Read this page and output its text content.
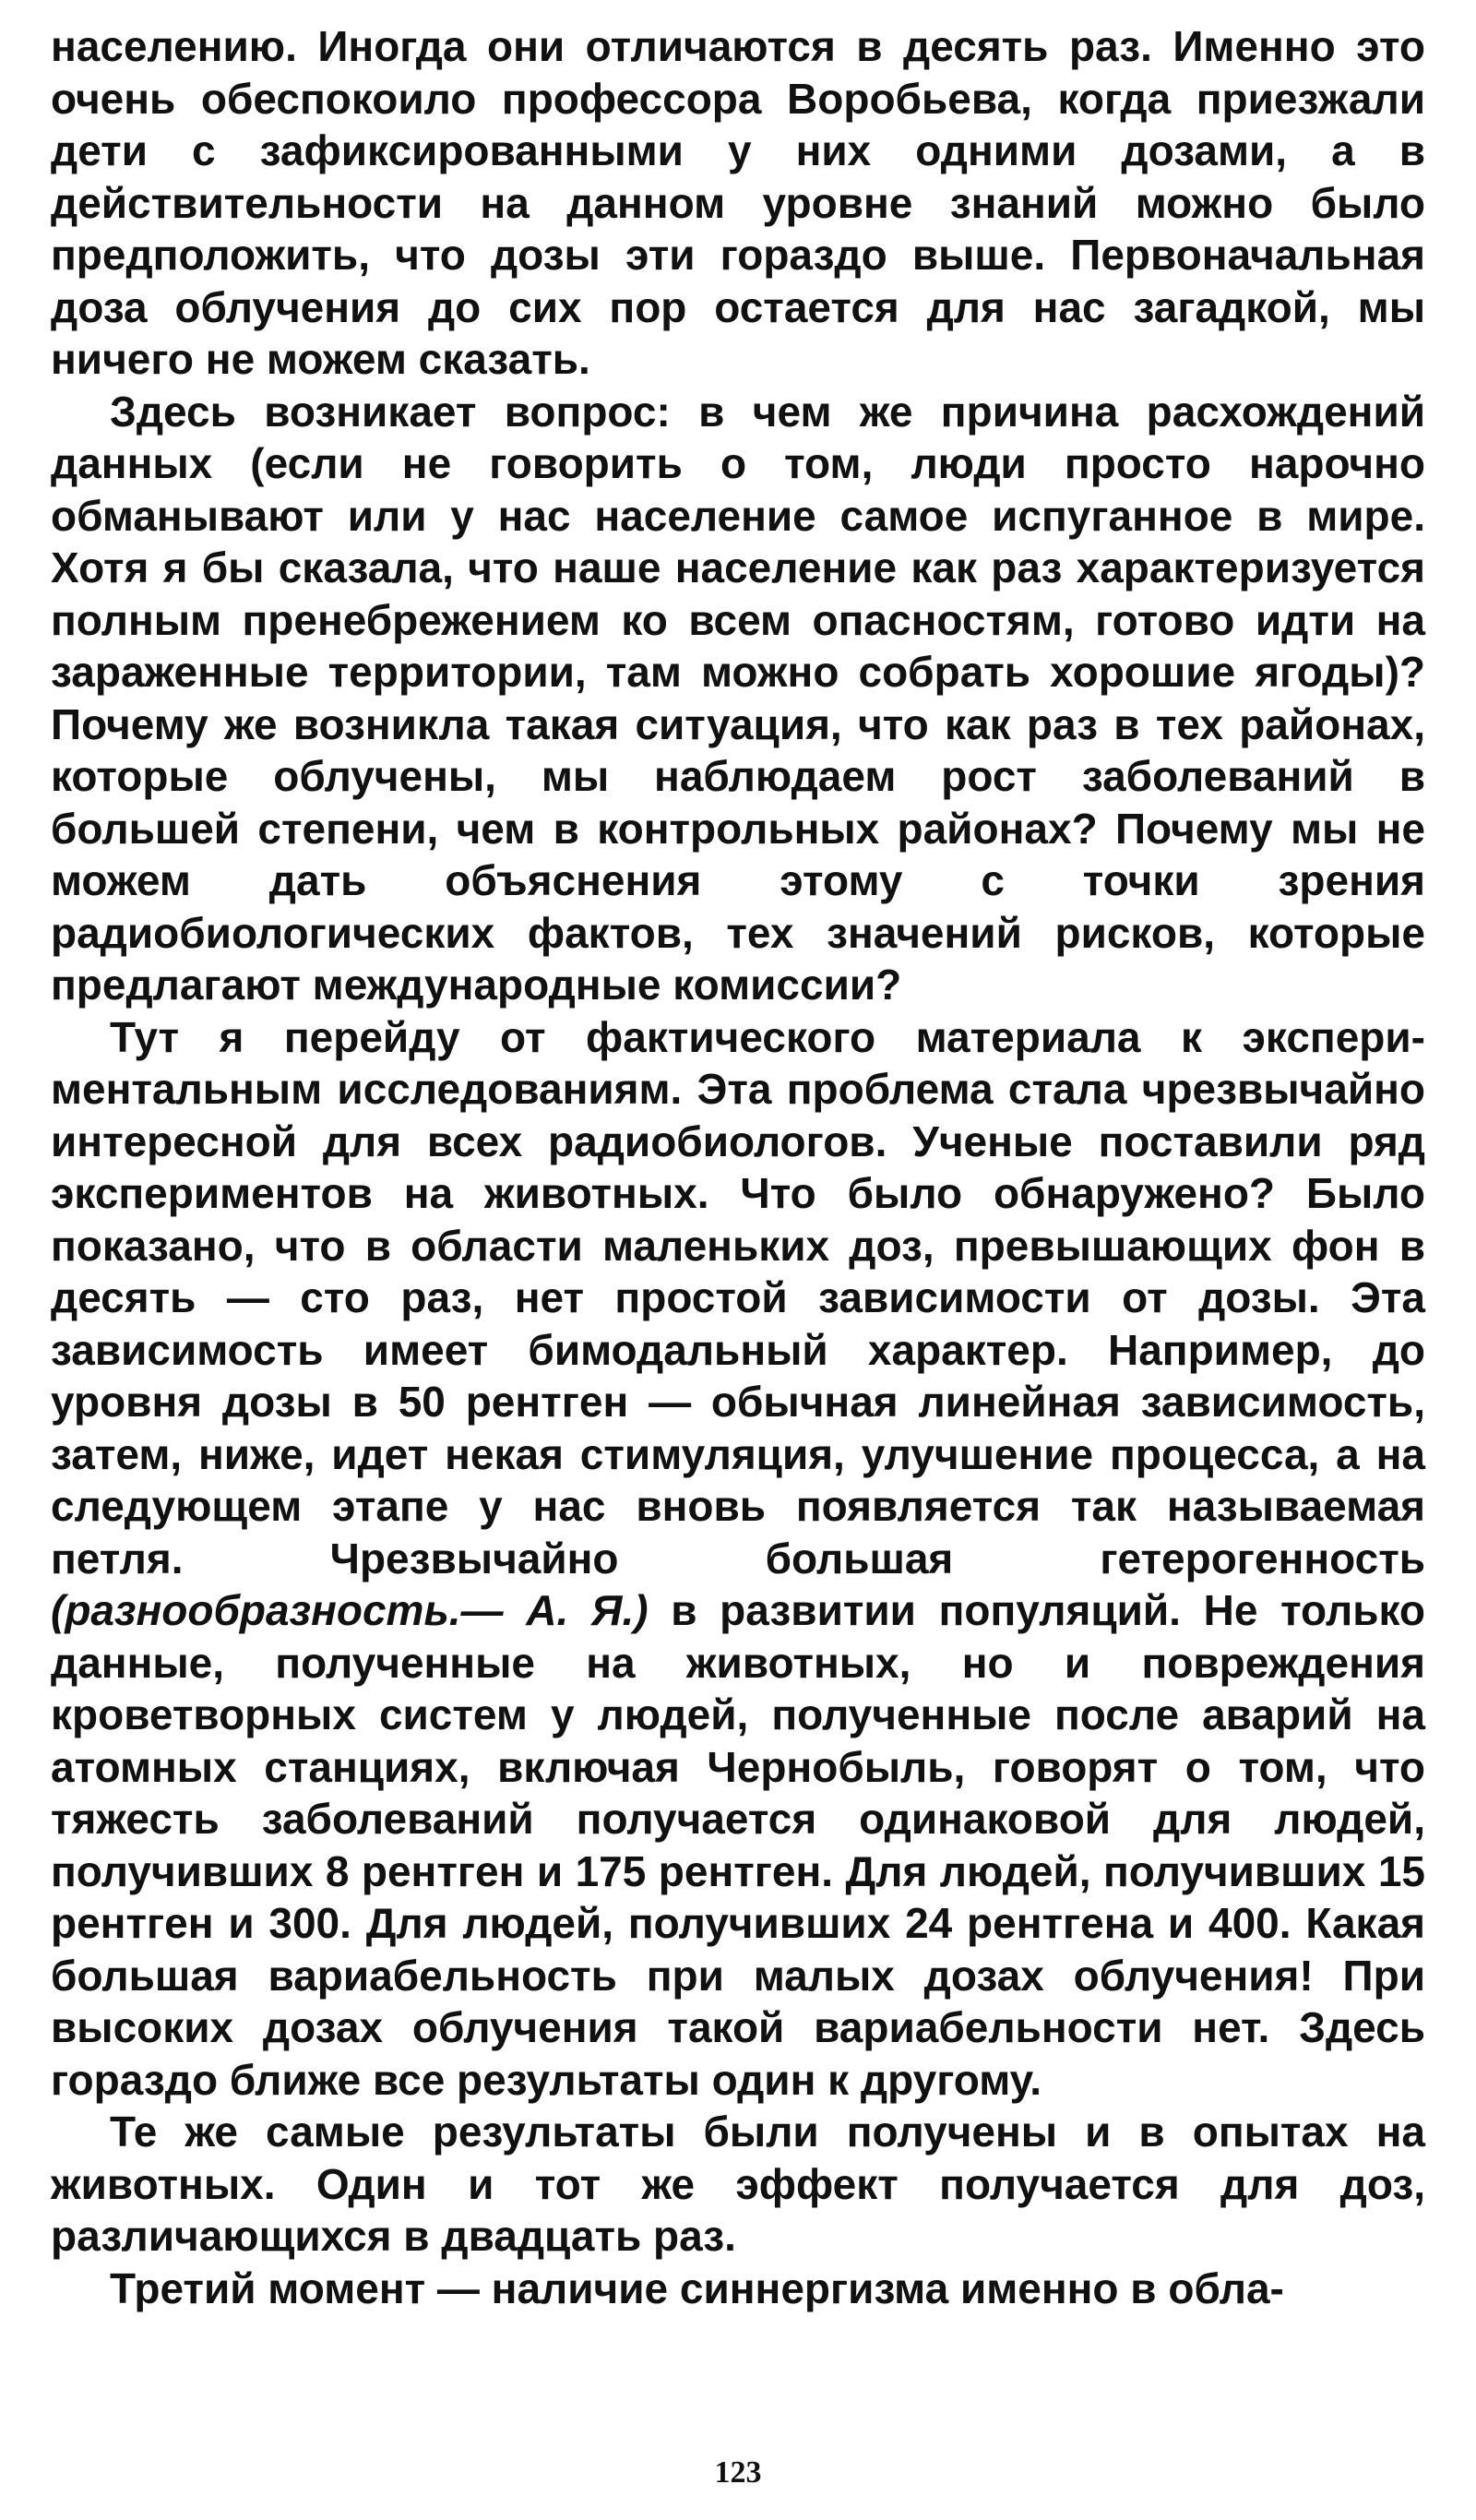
населению. Иногда они отличаются в десять раз. Именно это очень обеспокоило профессора Воробьева, когда приезжали дети с зафиксированными у них одними дозами, а в действительности на данном уровне знаний можно было предположить, что дозы эти гораздо выше. Первоначальная доза облучения до сих пор остается для нас загадкой, мы ничего не можем сказать.

Здесь возникает вопрос: в чем же причина расхождений данных (если не говорить о том, люди просто нарочно обманывают или у нас население самое испуганное в мире. Хотя я бы сказала, что наше население как раз характеризуется полным пренебрежением ко всем опасностям, готово идти на зараженные территории, там можно собрать хорошие ягоды)? Почему же возникла такая ситуация, что как раз в тех районах, которые облучены, мы наблюдаем рост заболеваний в большей степени, чем в контрольных районах? Почему мы не можем дать объяснения этому с точки зрения радиобиологических фактов, тех значений рисков, которые предлагают международные комиссии?

Тут я перейду от фактического материала к экспериментальным исследованиям. Эта проблема стала чрезвычайно интересной для всех радиобиологов. Ученые поставили ряд экспериментов на животных. Что было обнаружено? Было показано, что в области маленьких доз, превышающих фон в десять — сто раз, нет простой зависимости от дозы. Эта зависимость имеет бимодальный характер. Например, до уровня дозы в 50 рентген — обычная линейная зависимость, затем, ниже, идет некая стимуляция, улучшение процесса, а на следующем этапе у нас вновь появляется так называемая петля. Чрезвычайно большая гетерогенность (разнообразность.— А. Я.) в развитии популяций. Не только данные, полученные на животных, но и повреждения кроветворных систем у людей, полученные после аварий на атомных станциях, включая Чернобыль, говорят о том, что тяжесть заболеваний получается одинаковой для людей, получивших 8 рентген и 175 рентген. Для людей, получивших 15 рентген и 300. Для людей, получивших 24 рентгена и 400. Какая большая вариабельность при малых дозах облучения! При высоких дозах облучения такой вариабельности нет. Здесь гораздо ближе все результаты один к другому.

Те же самые результаты были получены и в опытах на животных. Один и тот же эффект получается для доз, различающихся в двадцать раз.

Третий момент — наличие синнергизма именно в обла-

123
